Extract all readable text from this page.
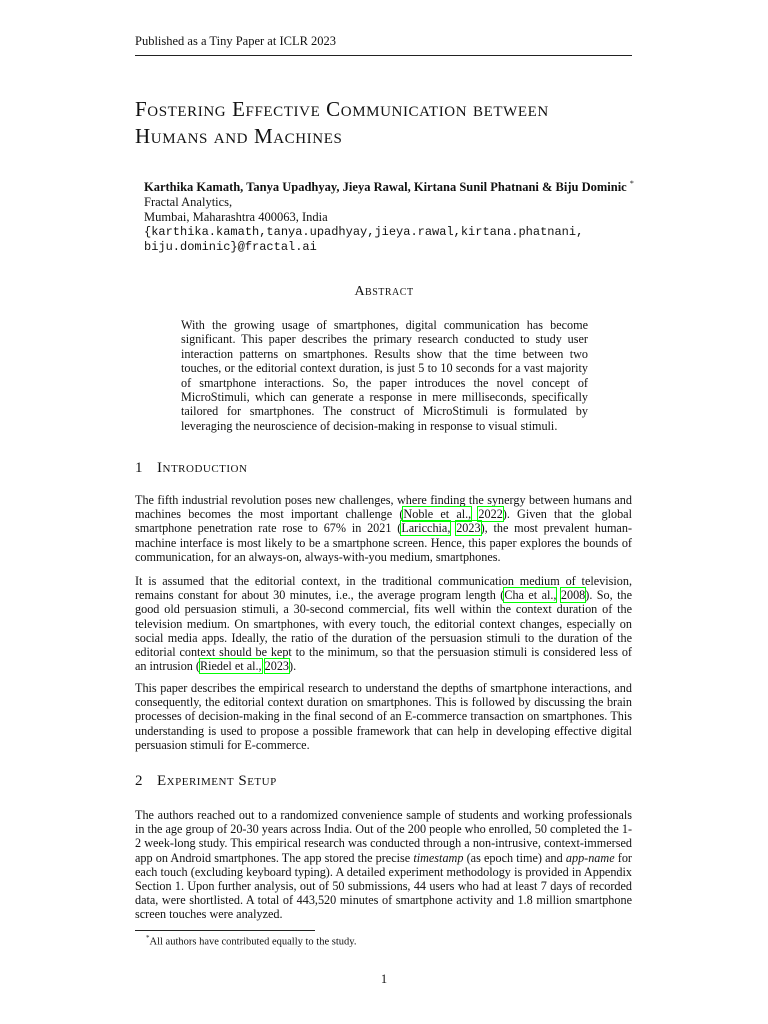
Published as a Tiny Paper at ICLR 2023
Fostering Effective Communication between
Humans and Machines
Karthika Kamath, Tanya Upadhyay, Jieya Rawal, Kirtana Sunil Phatnani & Biju Dominic *
Fractal Analytics,
Mumbai, Maharashtra 400063, India
{karthika.kamath,tanya.upadhyay,jieya.rawal,kirtana.phatnani,
biju.dominic}@fractal.ai
Abstract

With the growing usage of smartphones, digital communication has become significant. This paper describes the primary research conducted to study user interaction patterns on smartphones. Results show that the time between two touches, or the editorial context duration, is just 5 to 10 seconds for a vast majority of smartphone interactions. So, the paper introduces the novel concept of MicroStimuli, which can generate a response in mere milliseconds, specifically tailored for smartphones. The construct of MicroStimuli is formulated by leveraging the neuroscience of decision-making in response to visual stimuli.

1 Introduction

The fifth industrial revolution poses new challenges, where finding the synergy between humans and machines becomes the most important challenge (Noble et al., 2022). Given that the global smartphone penetration rate rose to 67% in 2021 (Laricchia, 2023), the most prevalent human-machine interface is most likely to be a smartphone screen. Hence, this paper explores the bounds of communication, for an always-on, always-with-you medium, smartphones.

It is assumed that the editorial context, in the traditional communication medium of television, remains constant for about 30 minutes, i.e., the average program length (Cha et al., 2008). So, the good old persuasion stimuli, a 30-second commercial, fits well within the context duration of the television medium. On smartphones, with every touch, the editorial context changes, especially on social media apps. Ideally, the ratio of the duration of the persuasion stimuli to the duration of the editorial context should be kept to the minimum, so that the persuasion stimuli is considered less of an intrusion (Riedel et al., 2023).

This paper describes the empirical research to understand the depths of smartphone interactions, and consequently, the editorial context duration on smartphones. This is followed by discussing the brain processes of decision-making in the final second of an E-commerce transaction on smartphones. This understanding is used to propose a possible framework that can help in developing effective digital persuasion stimuli for E-commerce.

2 Experiment Setup

The authors reached out to a randomized convenience sample of students and working professionals in the age group of 20-30 years across India. Out of the 200 people who enrolled, 50 completed the 1-2 week-long study. This empirical research was conducted through a non-intrusive, context-immersed app on Android smartphones. The app stored the precise timestamp (as epoch time) and app-name for each touch (excluding keyboard typing). A detailed experiment methodology is provided in Appendix Section 1. Upon further analysis, out of 50 submissions, 44 users who had at least 7 days of recorded data, were shortlisted. A total of 443,520 minutes of smartphone activity and 1.8 million smartphone screen touches were analyzed.

*All authors have contributed equally to the study.
1
